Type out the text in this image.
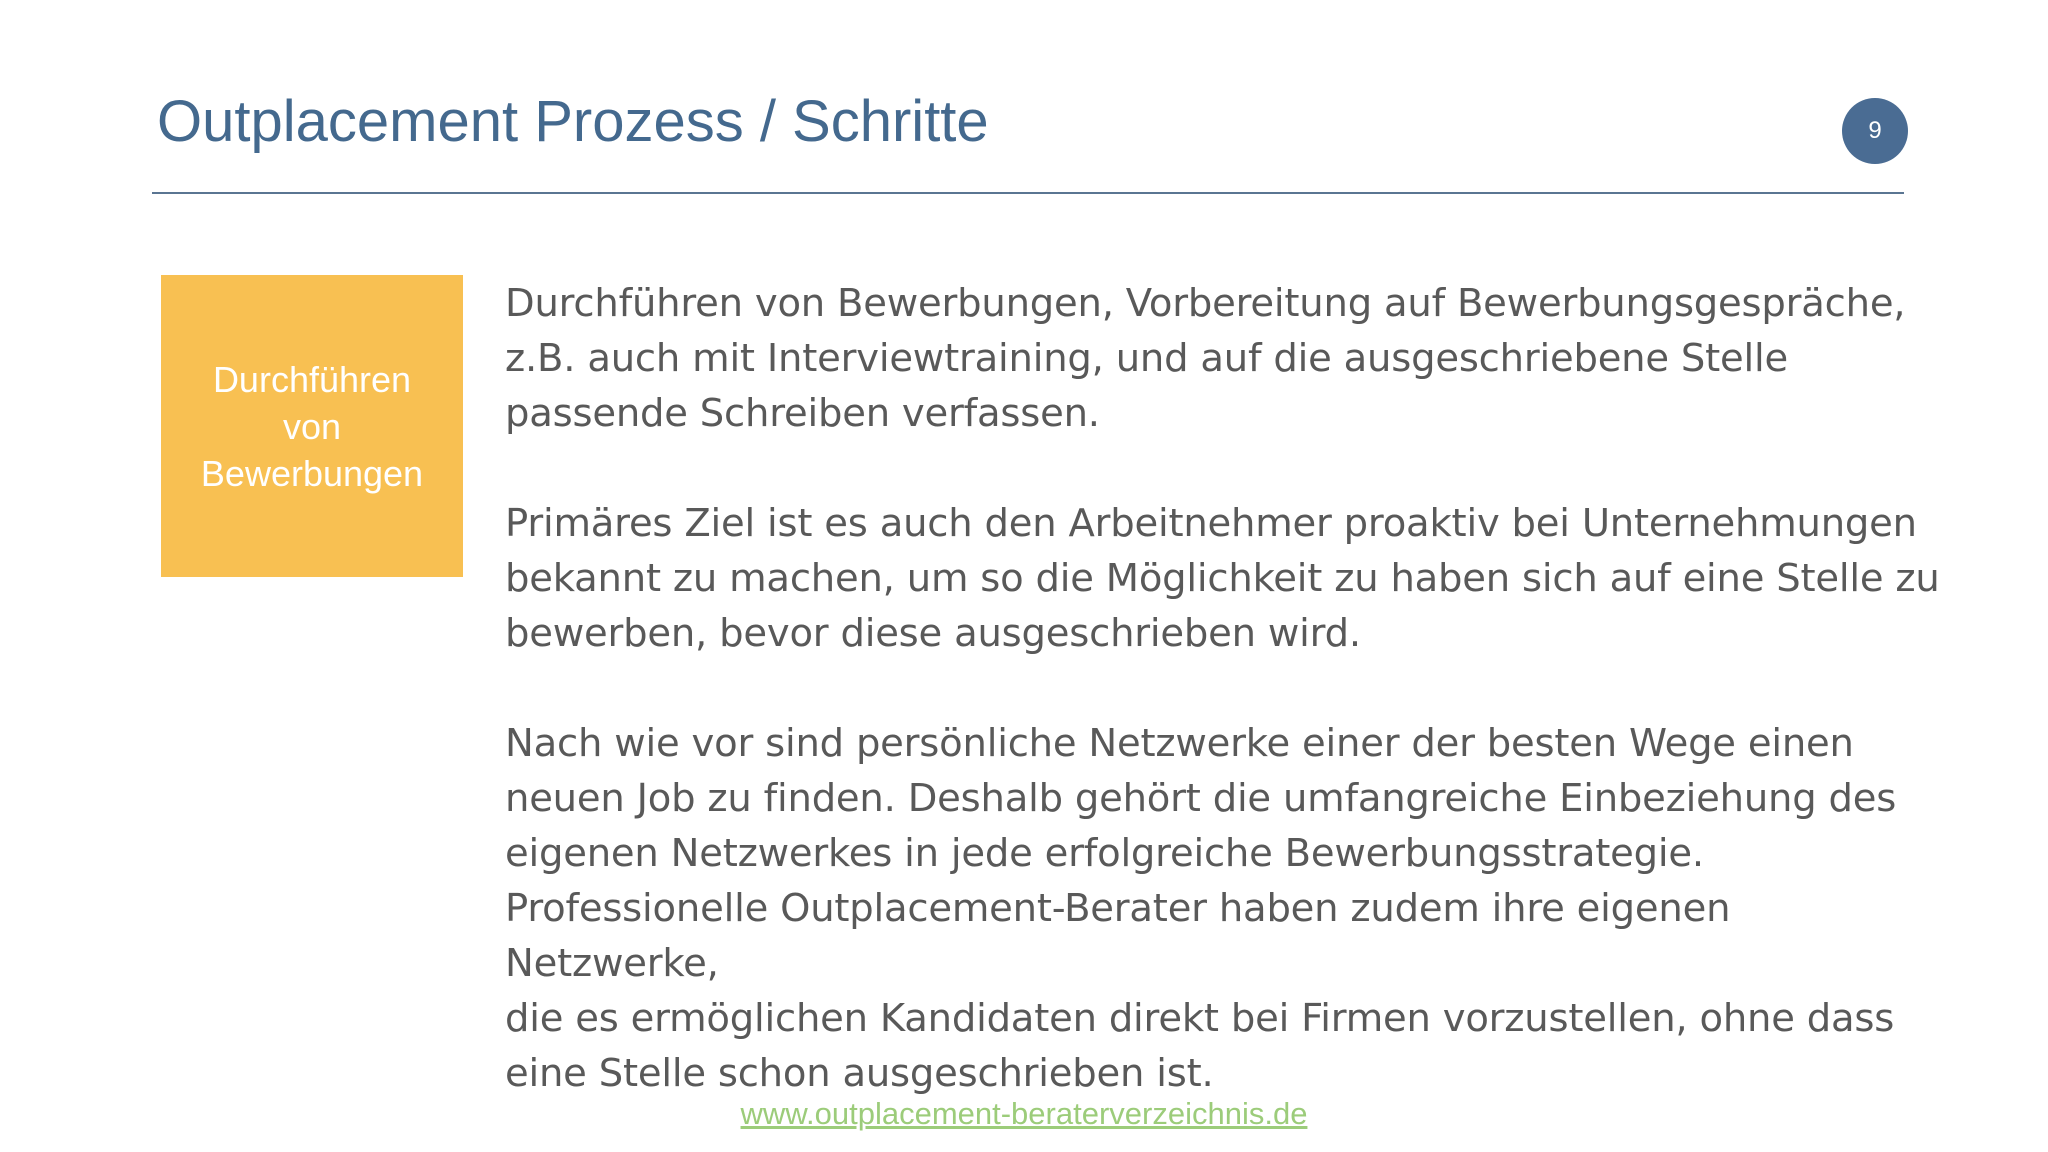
Outplacement Prozess / Schritte	9
Durchführen
von
Bewerbungen

Durchführen von Bewerbungen, Vorbereitung auf Bewerbungsgespräche,
z.B. auch mit Interviewtraining, und auf die ausgeschriebene Stelle
passende Schreiben verfassen.

Primäres Ziel ist es auch den Arbeitnehmer proaktiv bei Unternehmungen
bekannt zu machen, um so die Möglichkeit zu haben sich auf eine Stelle zu
bewerben, bevor diese ausgeschrieben wird.

Nach wie vor sind persönliche Netzwerke einer der besten Wege einen
neuen Job zu finden. Deshalb gehört die umfangreiche Einbeziehung des
eigenen Netzwerkes in jede erfolgreiche Bewerbungsstrategie.
Professionelle Outplacement-Berater haben zudem ihre eigenen Netzwerke,
die es ermöglichen Kandidaten direkt bei Firmen vorzustellen, ohne dass
eine Stelle schon ausgeschrieben ist.

www.outplacement-beraterverzeichnis.de
